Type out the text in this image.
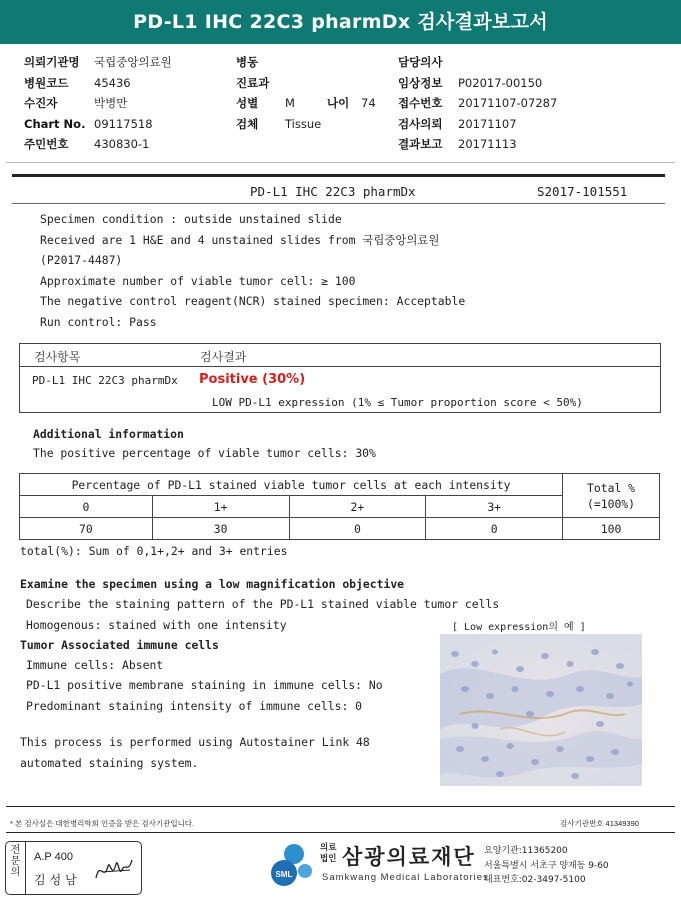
PD-L1 IHC 22C3 pharmDx 검사결과보고서
의뢰기관명	국립중앙의료원
병원코드	45436
수진자	박병만
Chart No. 09117518
주민번호	430830-1
병동
진료과
성별	M	나이	74
검체	Tissue
담당의사
임상정보	P02017-00150
접수번호	20171107-07287
검사의뢰	20171107
결과보고	20171113
PD-L1 IHC 22C3 pharmDx	S2017-101551
Specimen condition : outside unstained slide
Received are 1 H&E and 4 unstained slides from 국립중앙의료원
(P2017-4487)
Approximate number of viable tumor cell: ≥ 100
The negative control reagent(NCR) stained specimen: Acceptable
Run control: Pass
검사항목	검사결과
PD-L1 IHC 22C3 pharmDx Positive (30%)
LOW PD-L1 expression (1% ≤ Tumor proportion score < 50%)
Additional information
The positive percentage of viable tumor cells: 30%
Percentage of PD-L1 stained viable tumor cells at each intensity				Total %
(=100%)
0	1+	2+	3+	
70	30	0	0	100
total(%): Sum of 0,1+,2+ and 3+ entries
Examine the specimen using a low magnification objective
Describe the staining pattern of the PD-L1 stained viable tumor cells
Homogenous: stained with one intensity
Tumor Associated immune cells
Immune cells: Absent
PD-L1 positive membrane staining in immune cells: No
Predominant staining intensity of immune cells: 0
This process is performed using Autostainer Link 48
automated staining system.
[ Low expression의 예 ]
* 본 검사실은 대한병리학회 인증을 받은 검사기관입니다.	검사기관번호 41349390
전문의
A.P 400
김성남	SML
의료법인 삼광의료재단
Samkwang Medical Laboratories
요양기관:11365200
서울특별시 서초구 양재동 9-60
대표번호:02-3497-5100
